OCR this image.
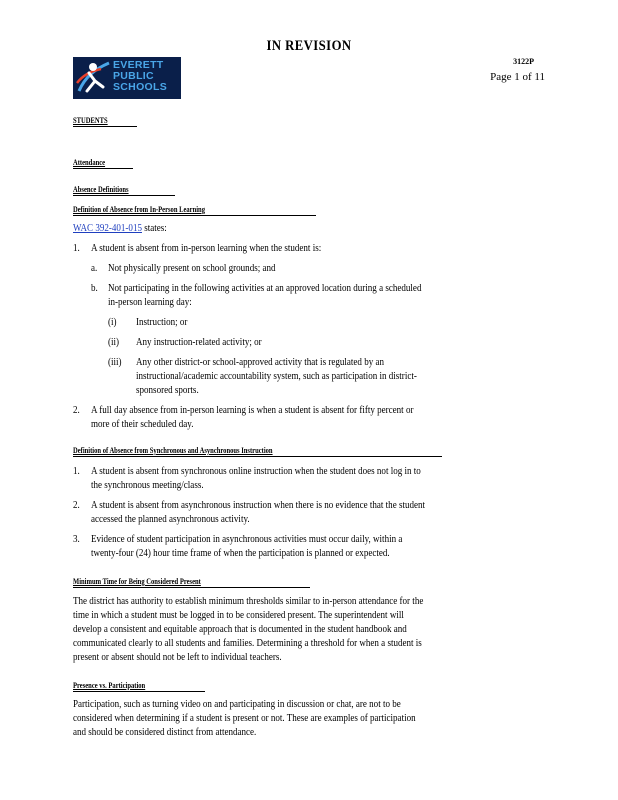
IN REVISION
3122P
Page 1 of 11
EVERETT
PUBLIC
SCHOOLS
STUDENTS
Attendance
Absence Definitions
Definition of Absence from In-Person Learning
WAC 392-401-015 states:
1. A student is absent from in-person learning when the student is:
a. Not physically present on school grounds; and
b. Not participating in the following activities at an approved location during a scheduled
in-person learning day:
(i) Instruction; or
(ii) Any instruction-related activity; or
(iii) Any other district-or school-approved activity that is regulated by an
instructional/academic accountability system, such as participation in district-
sponsored sports.
2. A full day absence from in-person learning is when a student is absent for fifty percent or
more of their scheduled day.
Definition of Absence from Synchronous and Asynchronous Instruction
1. A student is absent from synchronous online instruction when the student does not log in to
the synchronous meeting/class.
2. A student is absent from asynchronous instruction when there is no evidence that the student
accessed the planned asynchronous activity.
3. Evidence of student participation in asynchronous activities must occur daily, within a
twenty-four (24) hour time frame of when the participation is planned or expected.
Minimum Time for Being Considered Present
The district has authority to establish minimum thresholds similar to in-person attendance for the
time in which a student must be logged in to be considered present. The superintendent will
develop a consistent and equitable approach that is documented in the student handbook and
communicated clearly to all students and families. Determining a threshold for when a student is
present or absent should not be left to individual teachers.
Presence vs. Participation
Participation, such as turning video on and participating in discussion or chat, are not to be
considered when determining if a student is present or not. These are examples of participation
and should be considered distinct from attendance.
